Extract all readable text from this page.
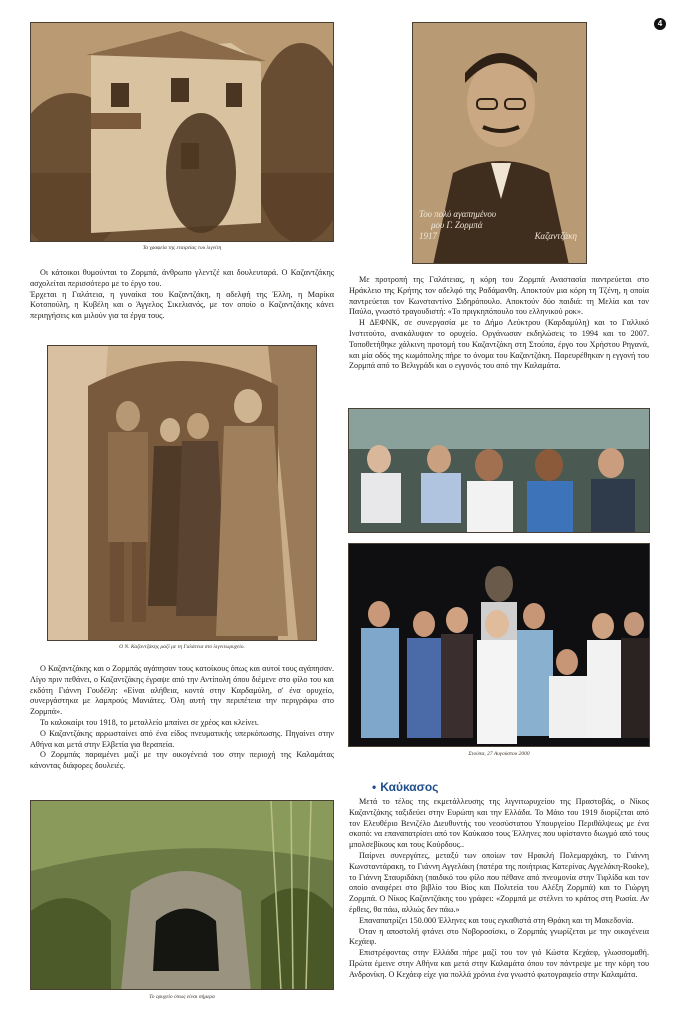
4
Τα γραφεία της εταιρείας του λιγνίτη
Του πολύ αγαπημένου
μου Γ. Ζορμπά
1917	Καζαντζάκη

Οι κάτοικοι θυμούνται το Ζορμπά, άνθρωπο γλεντζέ και δουλευταρά. Ο Καζαντζάκης ασχολείται περισσότερο με το έργο του.

Έρχεται η Γαλάτεια, η γυναίκα του Καζαντζάκη, η αδελφή της Έλλη, η Μαρίκα Κοτοπούλη, η Κυβέλη και ο Άγγελος Σικελιανός, με τον οποίο ο Καζαντζάκης κάνει περιηγήσεις και μιλούν για τα έργα τους.

Ο Ν. Καζαντζάκης μαζί με τη Γαλάτεια στο λιγνιτωρυχείο.

Ο Καζαντζάκης και ο Ζορμπάς αγάπησαν τους κατοίκους όπως και αυτοί τους αγάπησαν. Λίγο πριν πεθάνει, ο Καζαντζάκης έγραψε από την Αντίπολη όπου διέμενε στο φίλο του και εκδότη Γιάννη Γουδέλη: «Είναι αλήθεια, κοντά στην Καρδαμύλη, σ' ένα ορυχείο, συνεργάστηκα με λαμπρούς Μανιάτες. Όλη αυτή την περιπέτεια την περιγράφω στο Ζορμπά».

Το καλοκαίρι του 1918, το μεταλλείο μπαίνει σε χρέος και κλείνει.

Ο Καζαντζάκης αρρωσταίνει από ένα είδος πνευματικής υπερκόπωσης. Πηγαίνει στην Αθήνα και μετά στην Ελβετία για θεραπεία.

Ο Ζορμπάς παραμένει μαζί με την οικογένειά του στην περιοχή της Καλαμάτας κάνοντας διάφορες δουλειές.

Το ορυχείο όπως είναι σήμερα

Με προτροπή της Γαλάτειας, η κόρη του Ζορμπά Αναστασία παντρεύεται στο Ηράκλειο της Κρήτης τον αδελφό της Ραδάμανθη. Αποκτούν μια κόρη τη Τζένη, η οποία παντρεύεται τον Κωνσταντίνο Σιδηρόπουλο. Αποκτούν δύο παιδιά: τη Μελία και τον Παύλο, γνωστό τραγουδιστή: «Το πριγκηπόπουλο του ελληνικού ροκ».

Η ΔΕΦΝΚ, σε συνεργασία με το Δήμο Λεύκτρου (Καρδαμύλη) και το Γαλλικό Ινστιτούτο, ανακάλυψαν το ορυχείο. Οργάνωσαν εκδηλώσεις το 1994 και το 2007. Τοποθετήθηκε χάλκινη προτομή του Καζαντζάκη στη Στούπα, έργο του Χρήστου Ρηγανά, και μία οδός της κωμόπολης πήρε το όνομα του Καζαντζάκη. Παρευρέθηκαν η εγγονή του Ζορμπά από το Βελιγράδι και ο εγγονός του από την Καλαμάτα.

Στούπα, 27 Αυγούστου 2000
• Καύκασος

Μετά το τέλος της εκμετάλλευσης της λιγνιτωρυχείου της Πραστοβάς, ο Νίκος Καζαντζάκης ταξιδεύει στην Ευρώπη και την Ελλάδα. Το Μάιο του 1919 διορίζεται από τον Ελευθέριο Βενιζέλο Διευθυντής του νεοσύστατου Υπουργείου Περιθάλψεως με ένα σκοπό: να επαναπατρίσει από τον Καύκασο τους Έλληνες που υφίσταντο διωγμό από τους μπολσεβίκους και τους Κούρδους..

Παίρνει συνεργάτες, μεταξύ των οποίων τον Ηρακλή Πολεμαρχάκη, το Γιάννη Κωνσταντάρακη, το Γιάννη Αγγελάκη (πατέρα της ποιήτριας Κατερίνας Αγγελάκη-Rooke), το Γιάννη Σταυριδάκη (παιδικό του φίλο που πέθανε από πνευμονία στην Τιφλίδα και τον οποίο αναφέρει στο βιβλίο του Βίος και Πολιτεία του Αλέξη Ζορμπά) και το Γιώργη Ζορμπά. Ο Νίκος Καζαντζάκης του γράφει: «Ζορμπά με στέλνει το κράτος στη Ρωσία. Αν έρθεις, θα πάω, αλλιώς δεν πάω.»

Επαναπατρίζει 150.000 Έλληνες και τους εγκαθιστά στη Θράκη και τη Μακεδονία.

Όταν η αποστολή φτάνει στο Νοβοροσίσκι, ο Ζορμπάς γνωρίζεται με την οικογένεια Κεχάεφ.

Επιστρέφοντας στην Ελλάδα πήρε μαζί του τον γιό Κώστα Κεχάεφ, γλωσσομαθή. Πρώτα έμεινε στην Αθήνα και μετά στην Καλαμάτα όπου τον πάντρεψε με την κόρη του Ανδρονίκη. Ο Κεχάεφ είχε για πολλά χρόνια ένα γνωστό φωτογραφείο στην Καλαμάτα.
